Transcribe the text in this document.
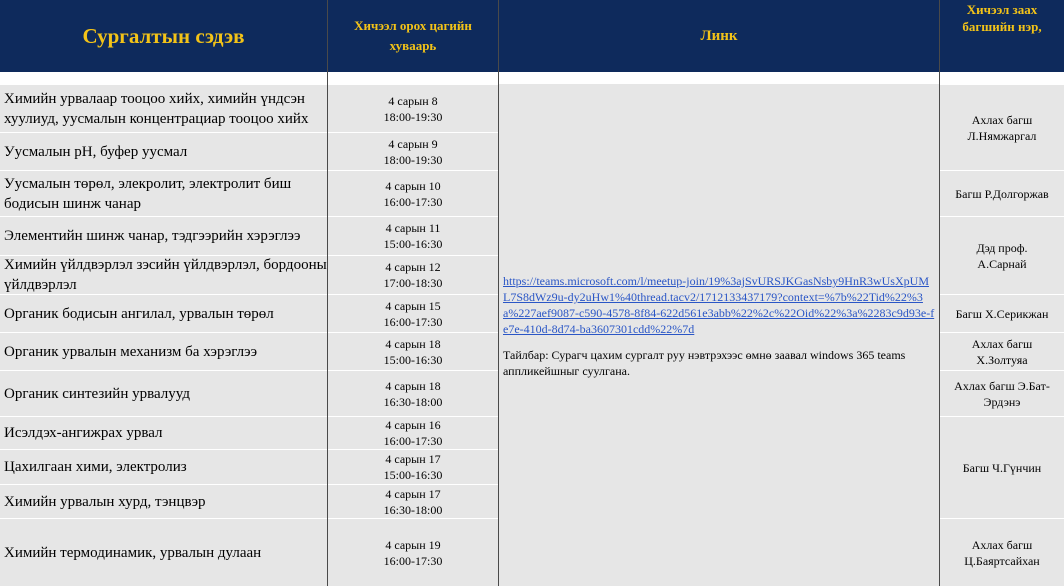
Сургалтын сэдэв	Хичээл орох цагийн хуваарь
Линк
Хичээл заах багшийн нэр,
Химийн урвалаар тооцоо хийх, химийн үндсэн хуулиуд, уусмалын концентрациар тооцоо хийх
Уусмалын pH, буфер уусмал
Уусмалын төрөл, элекролит, электролит биш бодисын шинж чанар
Элементийн шинж чанар, тэдгээрийн хэрэглээ
Химийн үйлдвэрлэл зэсийн үйлдвэрлэл, бордооны үйлдвэрлэл
Органик бодисын ангилал, урвалын төрөл
Органик урвалын механизм ба хэрэглээ
Органик синтезийн урвалууд
Исэлдэх-ангижрах урвал
Цахилгаан хими, электролиз
Химийн урвалын хурд, тэнцвэр
Химийн термодинамик, урвалын дулаан
4 сарын 8
18:00-19:30
4 сарын 9
18:00-19:30
4 сарын 10
16:00-17:30
4 сарын 11
15:00-16:30
4 сарын 12
17:00-18:30
4 сарын 15
16:00-17:30
4 сарын 18
15:00-16:30
4 сарын 18
16:30-18:00
4 сарын 16
16:00-17:30
4 сарын 17
15:00-16:30
4 сарын 17
16:30-18:00
4 сарын 19
16:00-17:30
https://teams.microsoft.com/l/meetup-join/19%3ajSvURSJKGasNsby9HnR3wUsXpUML7S8dWz9u-dy2uHw1%40thread.tacv2/1712133437179?context=%7b%22Tid%22%3a%227aef9087-c590-4578-8f84-622d561e3abb%22%2c%22Oid%22%3a%2283c9d93e-fe7e-410d-8d74-ba3607301cdd%22%7d
Тайлбар: Сурагч цахим сургалт руу нэвтрэхээс өмнө заавал windows 365 teams аппликейшныг суулгана.
Ахлах багш
Л.Нямжаргал
Багш Р.Долгоржав
Дэд проф.
А.Сарнай
Багш Х.Серикжан
Ахлах багш
Х.Золтуяа
Ахлах багш Э.Бат-
Эрдэнэ
Багш Ч.Гүнчин
Ахлах багш
Ц.Баяртсайхан
